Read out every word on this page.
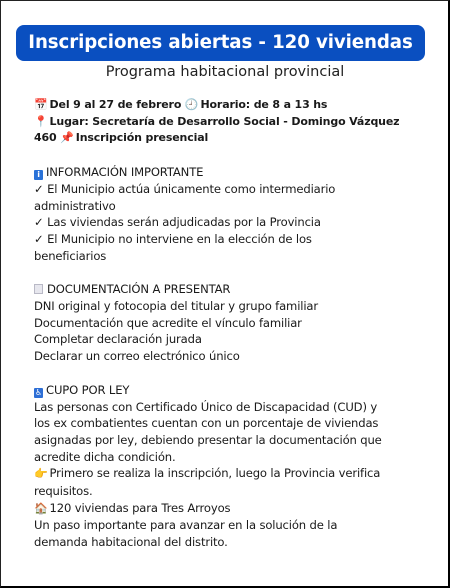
Inscripciones abiertas - 120 viviendas
Programa habitacional provincial
📅 Del 9 al 27 de febrero 🕘 Horario: de 8 a 13 hs
📍 Lugar: Secretaría de Desarrollo Social - Domingo Vázquez
460 📌 Inscripción presencial
i INFORMACIÓN IMPORTANTE
✓ El Municipio actúa únicamente como intermediario
administrativo
✓ Las viviendas serán adjudicadas por la Provincia
✓ El Municipio no interviene en la elección de los
beneficiarios
DOCUMENTACIÓN A PRESENTAR
DNI original y fotocopia del titular y grupo familiar
Documentación que acredite el vínculo familiar
Completar declaración jurada
Declarar un correo electrónico único
♿ CUPO POR LEY
Las personas con Certificado Único de Discapacidad (CUD) y
los ex combatientes cuentan con un porcentaje de viviendas
asignadas por ley, debiendo presentar la documentación que
acredite dicha condición.
👉 Primero se realiza la inscripción, luego la Provincia verifica
requisitos.
🏠 120 viviendas para Tres Arroyos
Un paso importante para avanzar en la solución de la
demanda habitacional del distrito.
